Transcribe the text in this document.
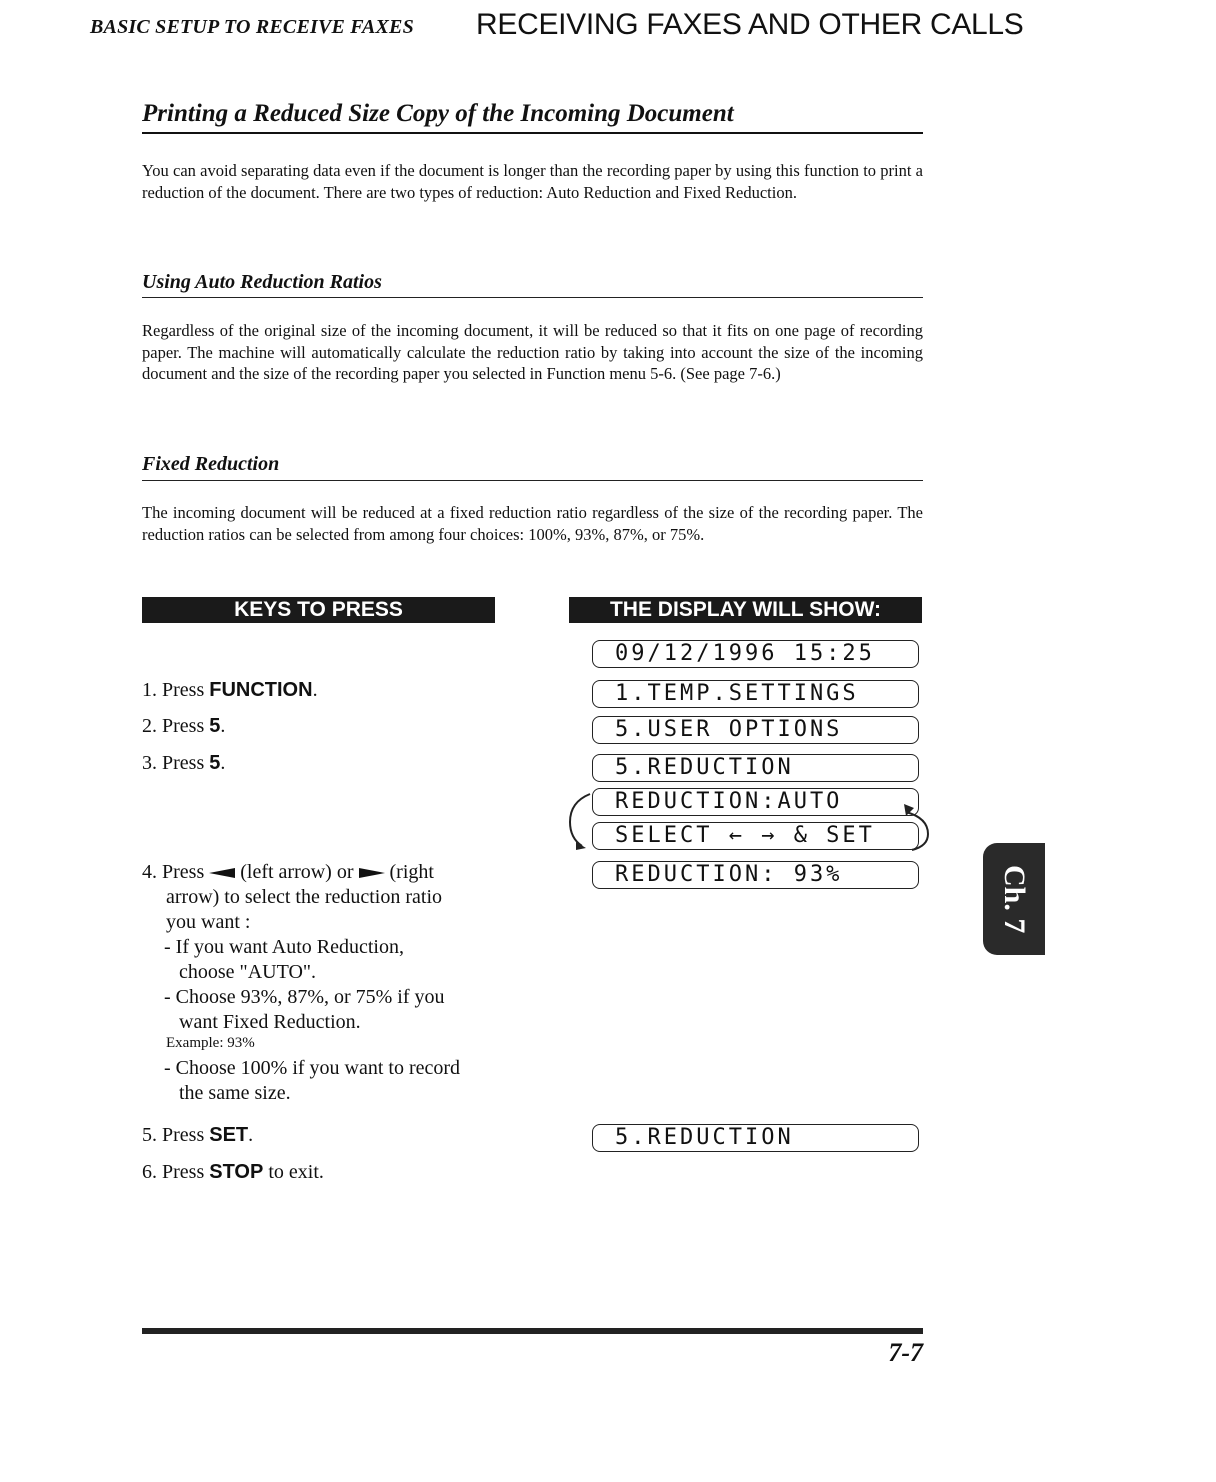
BASIC SETUP TO RECEIVE FAXES RECEIVING FAXES AND OTHER CALLS
Printing a Reduced Size Copy of the Incoming Document
You can avoid separating data even if the document is longer than the recording paper by using this function to print a reduction of the document. There are two types of reduction: Auto Reduction and Fixed Reduction.
Using Auto Reduction Ratios
Regardless of the original size of the incoming document, it will be reduced so that it fits on one page of recording paper. The machine will automatically calculate the reduction ratio by taking into account the size of the incoming document and the size of the recording paper you selected in Function menu 5-6. (See page 7-6.)
Fixed Reduction
The incoming document will be reduced at a fixed reduction ratio regardless of the size of the recording paper. The reduction ratios can be selected from among four choices: 100%, 93%, 87%, or 75%.
KEYS TO PRESS	THE DISPLAY WILL SHOW:
1. Press FUNCTION.
2. Press 5.
3. Press 5.
4. Press (left arrow) or (right
arrow) to select the reduction ratio
you want :
- If you want Auto Reduction,
choose "AUTO".
- Choose 93%, 87%, or 75% if you
want Fixed Reduction.
Example: 93%
- Choose 100% if you want to record
the same size.
5. Press SET.
6. Press STOP to exit.
09/12/1996 15:25
1.TEMP.SETTINGS
5.USER OPTIONS
5.REDUCTION
REDUCTION:AUTO
SELECT ← → & SET
REDUCTION: 93%
5.REDUCTION
Ch. 7
7-7
